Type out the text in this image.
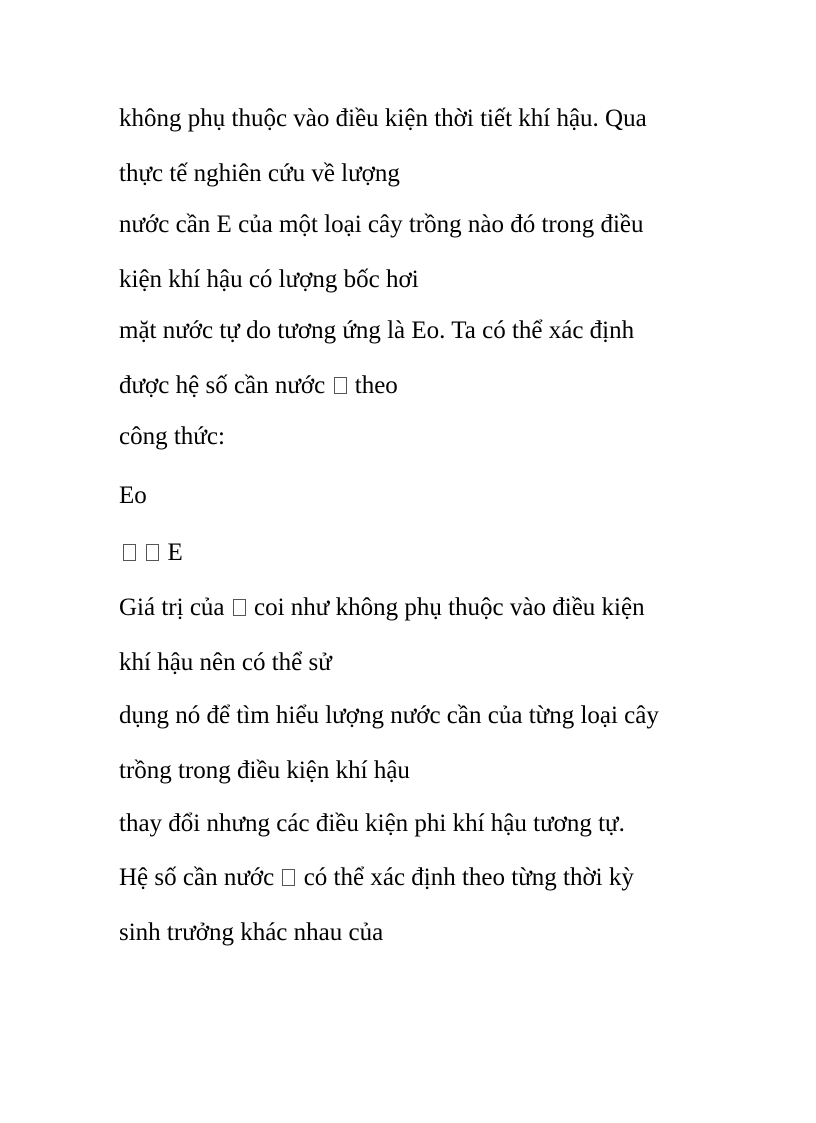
không phụ thuộc vào điều kiện thời tiết khí hậu. Qua
thực tế nghiên cứu về lượng

nước cần E của một loại cây trồng nào đó trong điều
kiện khí hậu có lượng bốc hơi

mặt nước tự do tương ứng là Eo. Ta có thể xác định
được hệ số cần nước  theo

công thức:

Eo

E

Giá trị của  coi như không phụ thuộc vào điều kiện
khí hậu nên có thể sử

dụng nó để tìm hiểu lượng nước cần của từng loại cây
trồng trong điều kiện khí hậu

thay đổi nhưng các điều kiện phi khí hậu tương tự.

Hệ số cần nước  có thể xác định theo từng thời kỳ
sinh trưởng khác nhau của
